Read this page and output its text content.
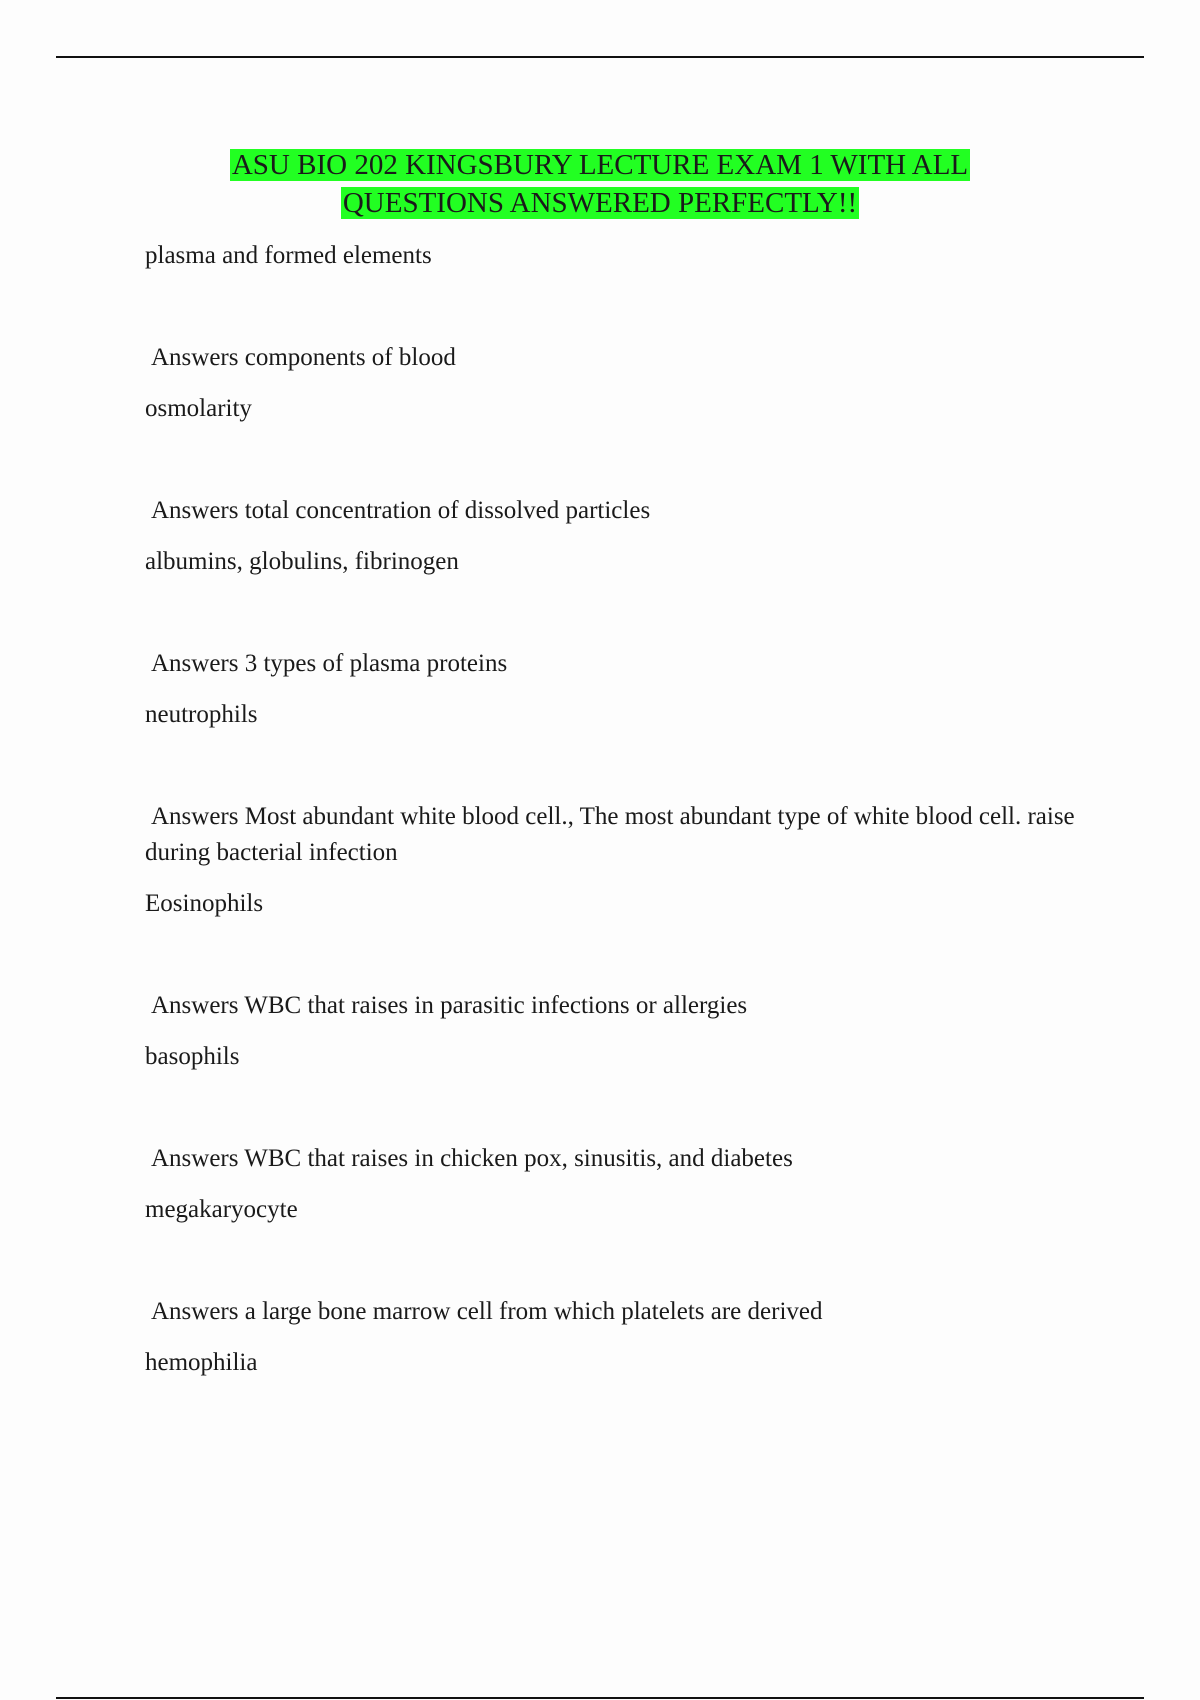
ASU BIO 202 KINGSBURY LECTURE EXAM 1 WITH ALL
QUESTIONS ANSWERED PERFECTLY!!

plasma and formed elements

Answers components of blood

osmolarity

Answers total concentration of dissolved particles

albumins, globulins, fibrinogen

Answers 3 types of plasma proteins

neutrophils

Answers Most abundant white blood cell., The most abundant type of white blood cell. raise during bacterial infection

Eosinophils

Answers WBC that raises in parasitic infections or allergies

basophils

Answers WBC that raises in chicken pox, sinusitis, and diabetes

megakaryocyte

Answers a large bone marrow cell from which platelets are derived

hemophilia
